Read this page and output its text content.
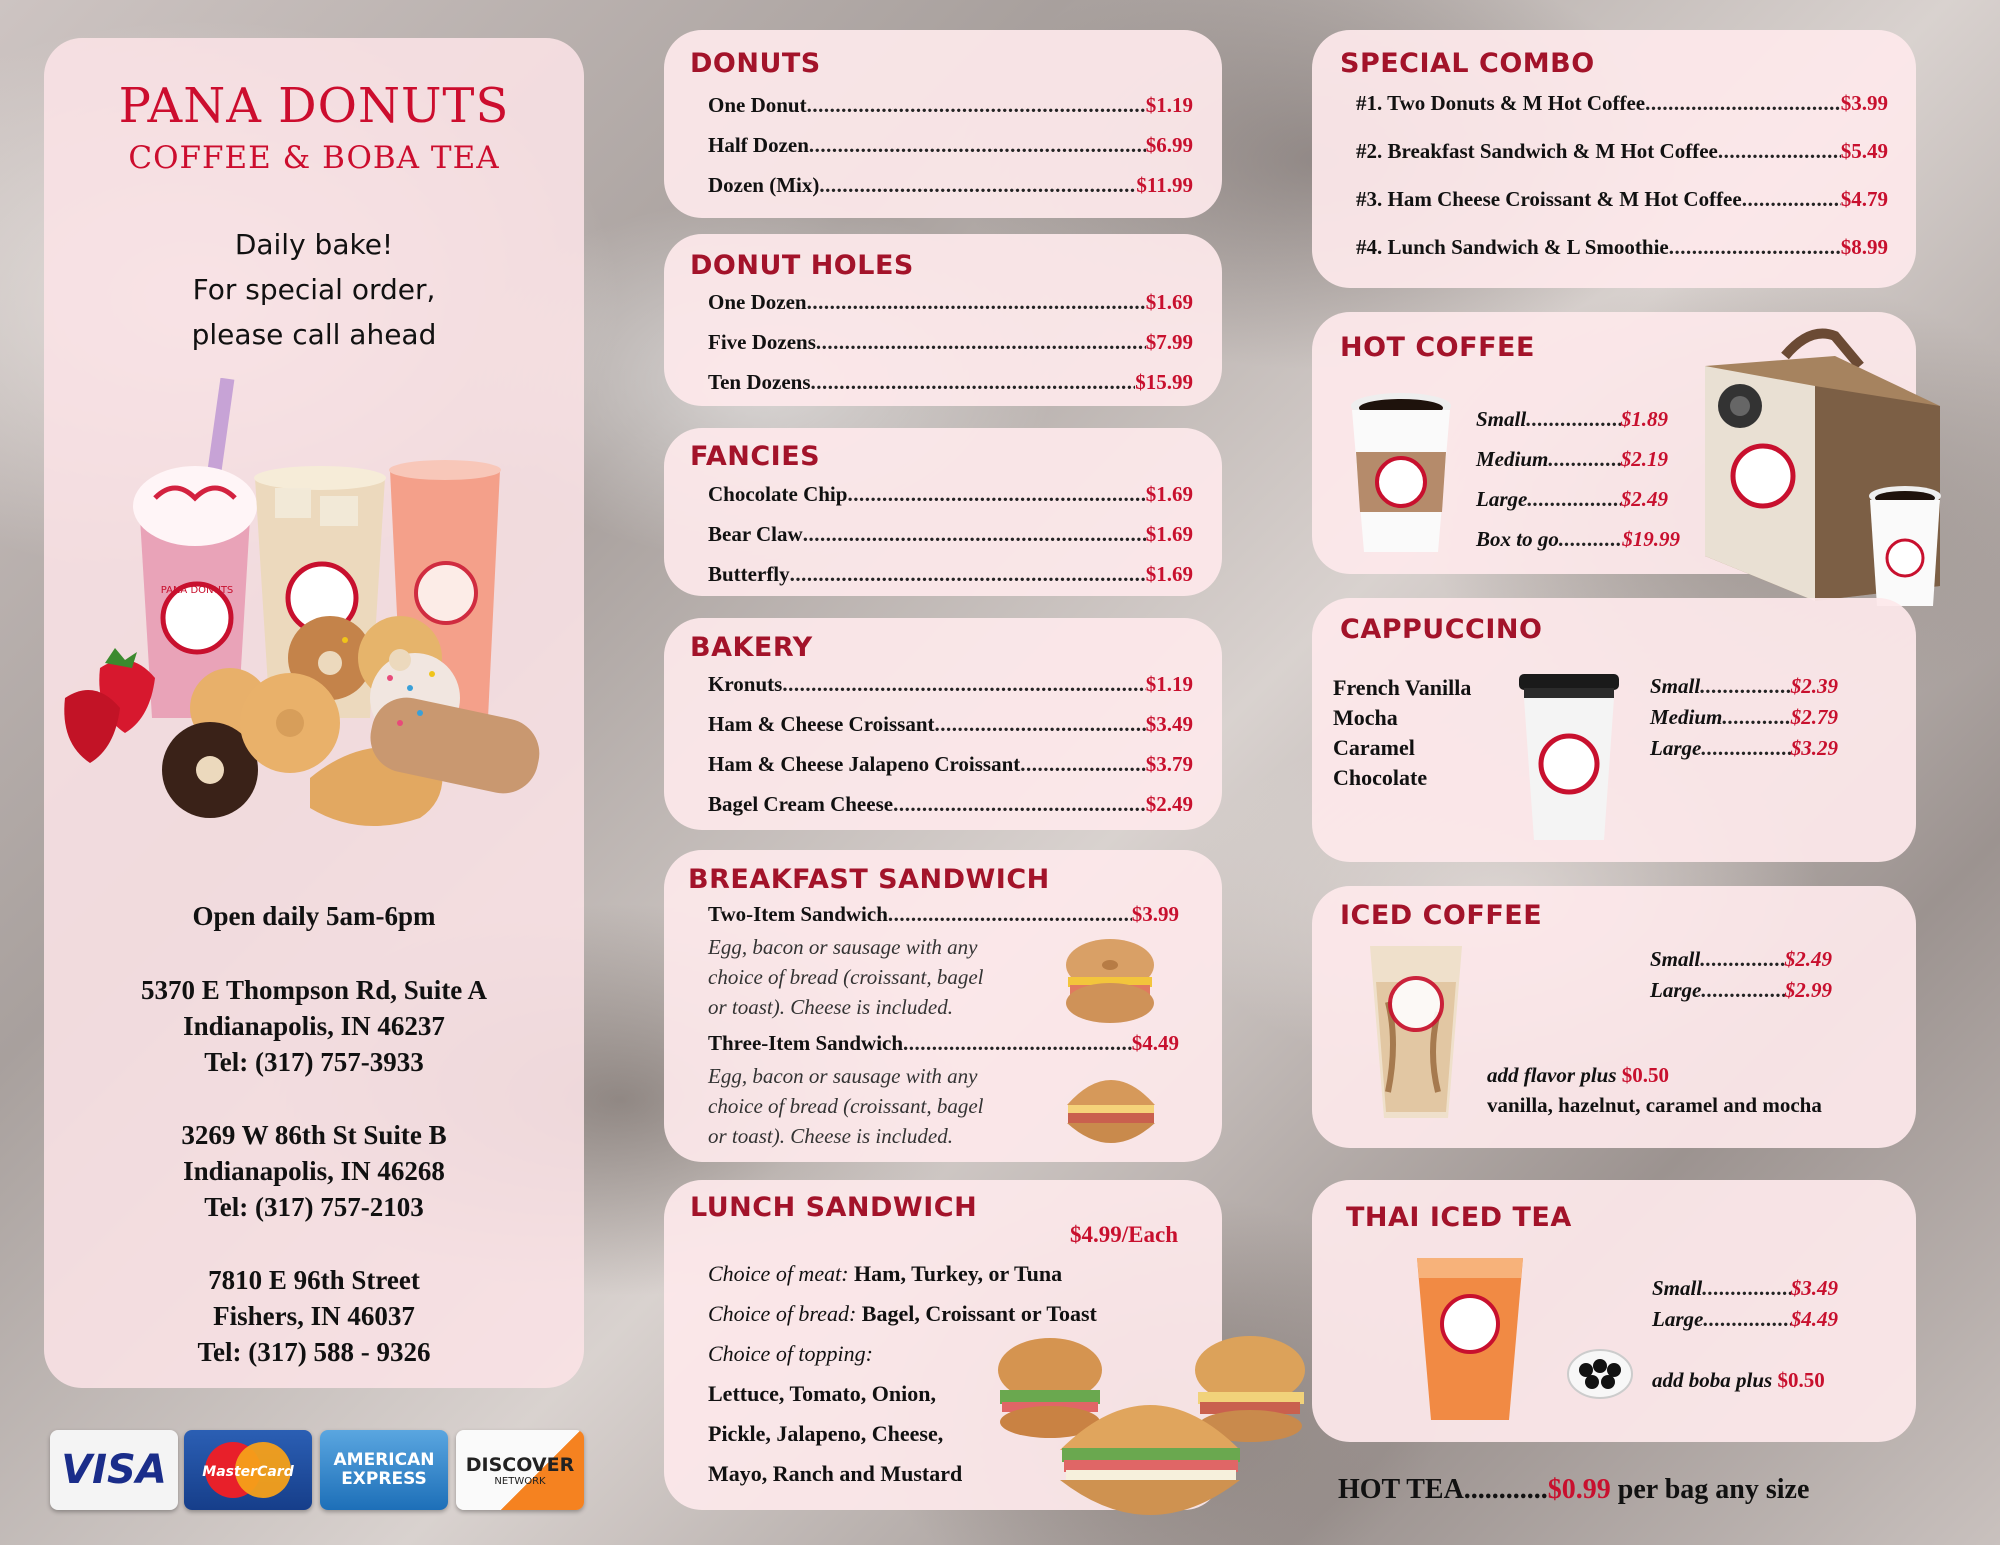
PANA DONUTS
COFFEE & BOBA TEA
Daily bake!
For special order,
please call ahead
PANA DONUTS
Open daily 5am-6pm
5370 E Thompson Rd, Suite A
Indianapolis, IN 46237
Tel: (317) 757-3933
3269 W 86th St Suite B
Indianapolis, IN 46268
Tel: (317) 757-2103
7810 E 96th Street
Fishers, IN 46037
Tel: (317) 588 - 9326
VISA	MasterCard
AMERICAN
EXPRESS
DISCOVER
NETWORK
DONUTS
One Donut .....	$1.19
Half Dozen .....	$6.99
Dozen (Mix) .....	$11.99
DONUT HOLES
One Dozen .....	$1.69
Five Dozens .....	$7.99
Ten Dozens .....	$15.99
FANCIES
Chocolate Chip .....	$1.69
Bear Claw .....	$1.69
Butterfly .....	$1.69
BAKERY
Kronuts .....	$1.19
Ham & Cheese Croissant .....	$3.49
Ham & Cheese Jalapeno Croissant .....	$3.79
Bagel Cream Cheese .....	$2.49
BREAKFAST SANDWICH
Two-Item Sandwich .....	$3.99
Egg, bacon or sausage with any
choice of bread (croissant, bagel
or toast). Cheese is included.
Three-Item Sandwich .....	$4.49
Egg, bacon or sausage with any
choice of bread (croissant, bagel
or toast). Cheese is included.
LUNCH SANDWICH
$4.99/Each
Choice of meat: Ham, Turkey, or Tuna
Choice of bread: Bagel, Croissant or Toast
Choice of topping:
Lettuce, Tomato, Onion,
Pickle, Jalapeno, Cheese,
Mayo, Ranch and Mustard
SPECIAL COMBO
#1. Two Donuts & M Hot Coffee .....	$3.99
#2. Breakfast Sandwich & M Hot Coffee .....	$5.49
#3. Ham Cheese Croissant & M Hot Coffee .....	$4.79
#4. Lunch Sandwich & L Smoothie .....	$8.99
HOT COFFEE
Small .....	$1.89
Medium .....	$2.19
Large .....	$2.49
Box to go .....	$19.99
CAPPUCCINO
French Vanilla
Mocha
Caramel
Chocolate
Small .....	$2.39
Medium .....	$2.79
Large .....	$3.29
ICED COFFEE
Small .....	$2.49
Large .....	$2.99
add flavor plus $0.50
vanilla, hazelnut, caramel and mocha
THAI ICED TEA
Small .....	$3.49
Large .....	$4.49
add boba plus $0.50
HOT TEA............$0.99 per bag any size
